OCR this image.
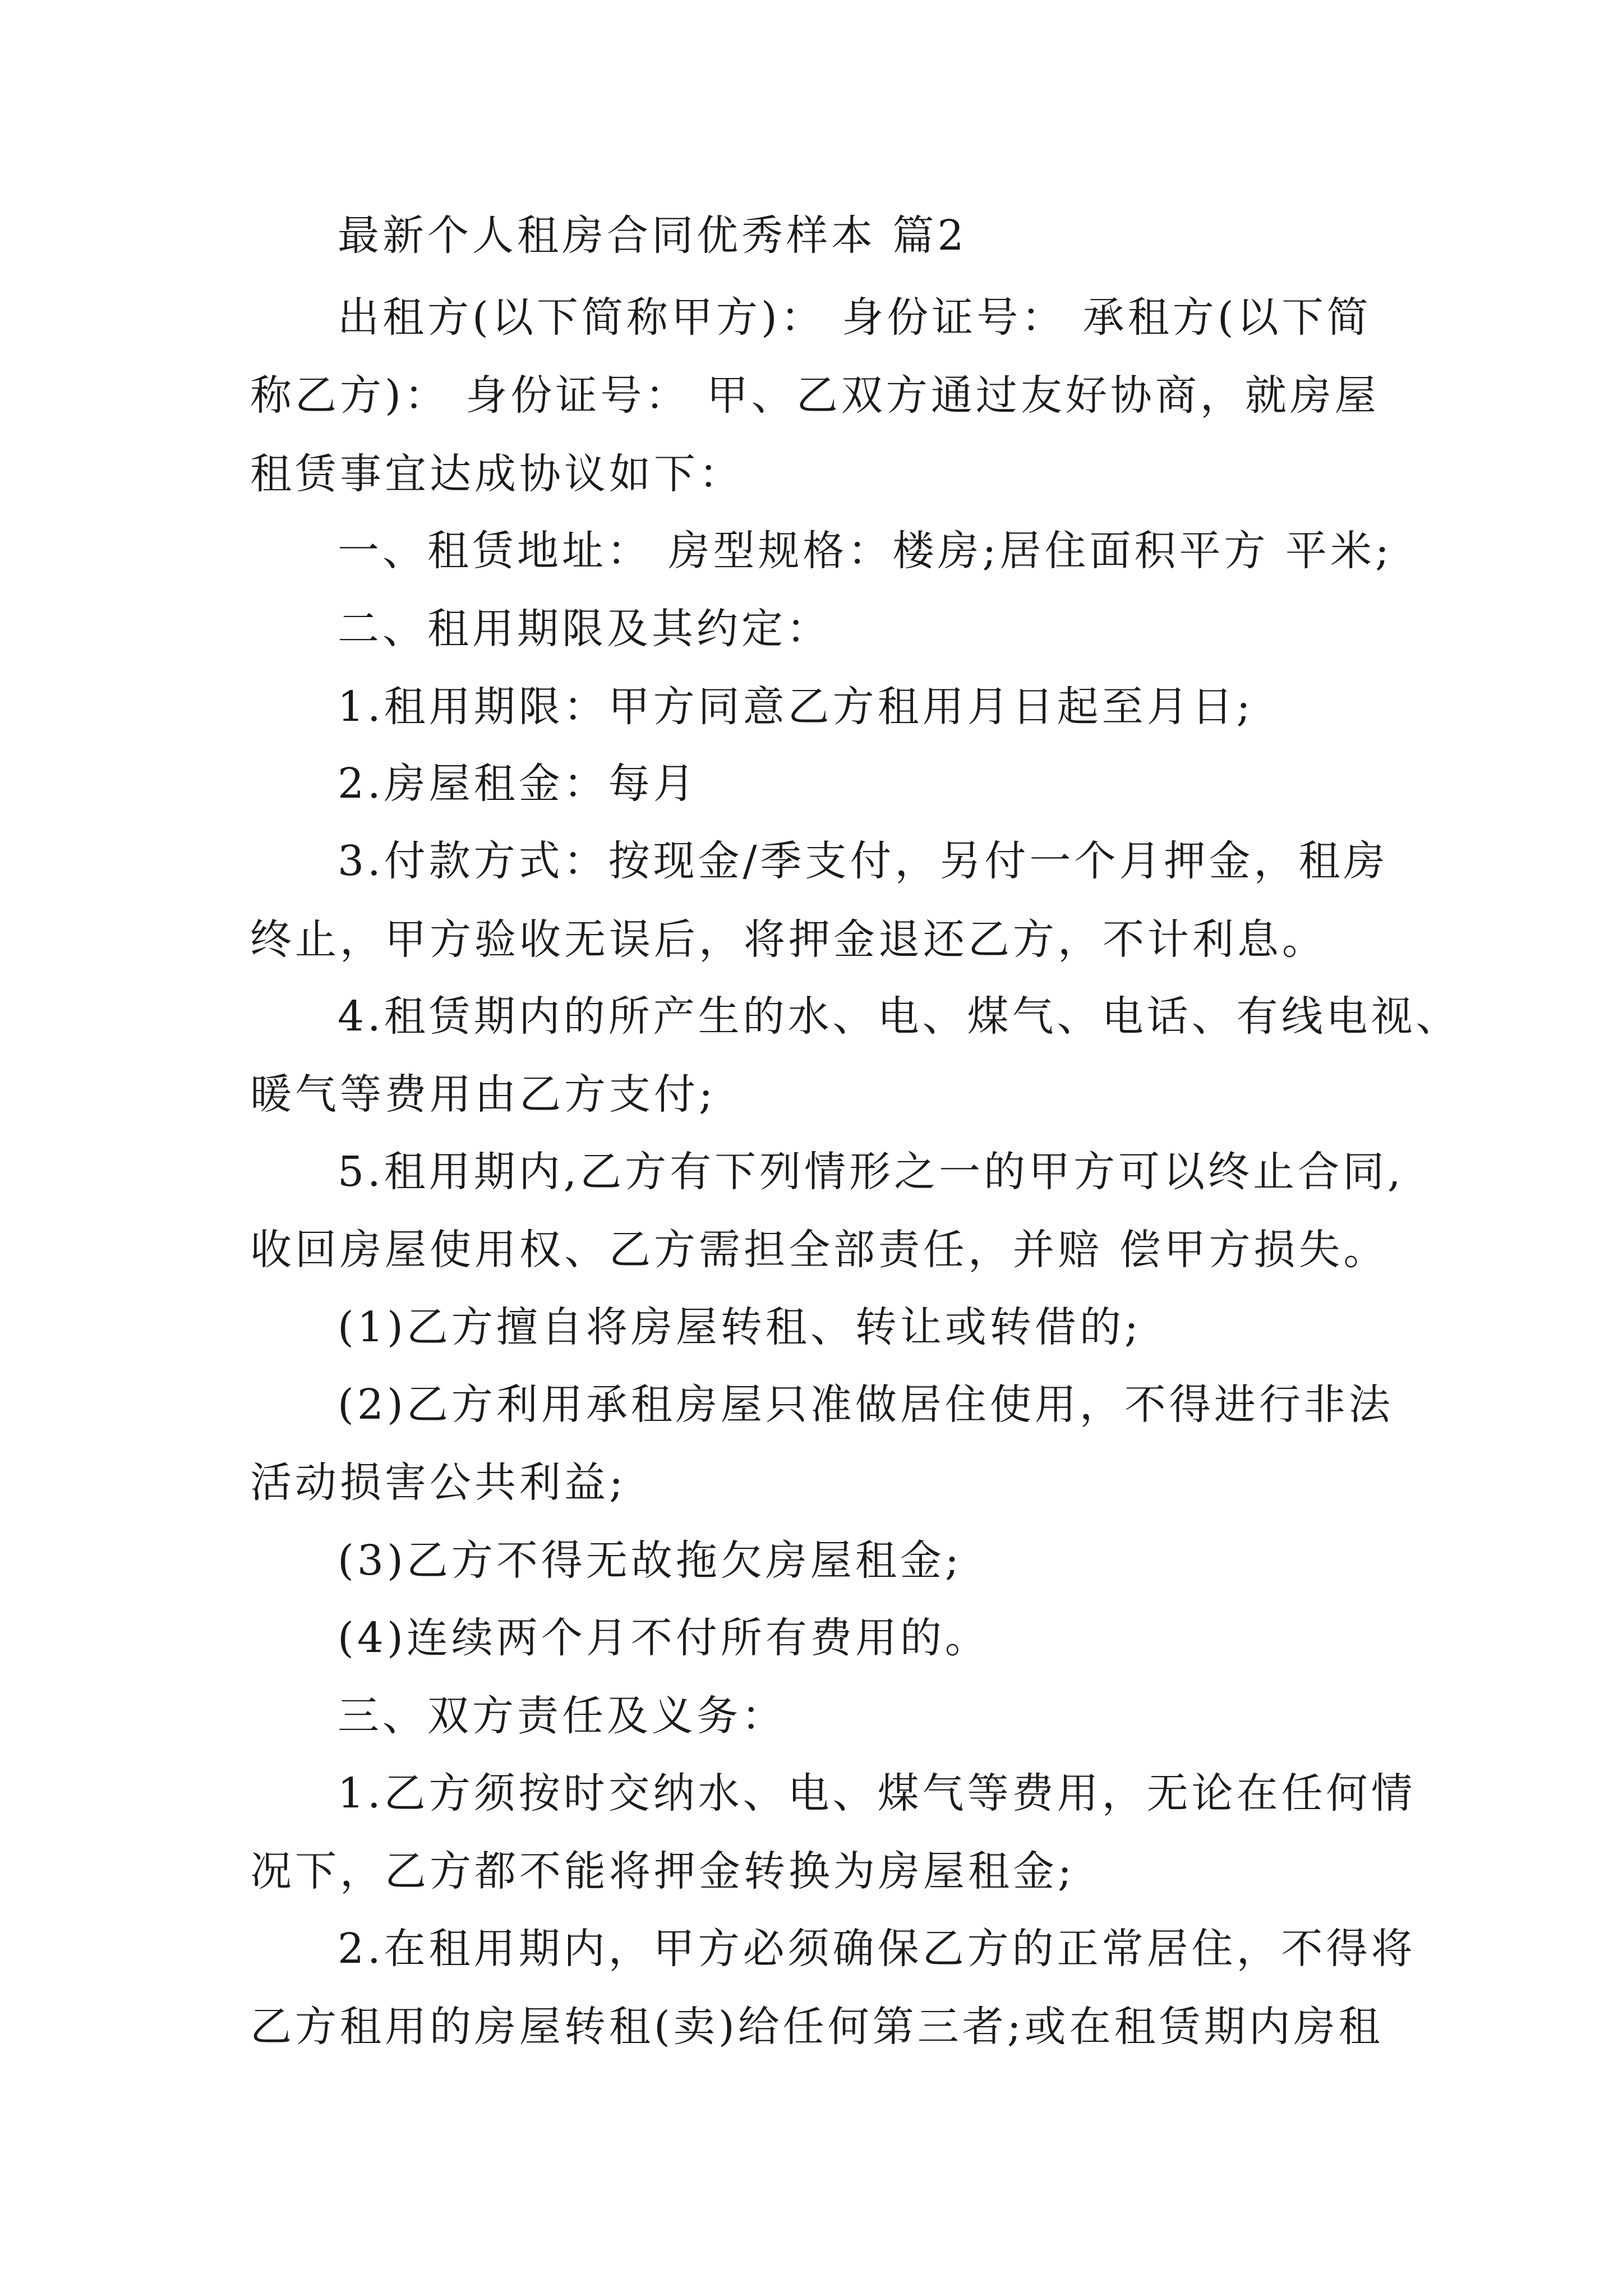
最新个人租房合同优秀样本 篇2
出租方(以下简称甲方)： 身份证号： 承租方(以下简
称乙方)： 身份证号： 甲、乙双方通过友好协商，就房屋
租赁事宜达成协议如下：
一、租赁地址： 房型规格：楼房;居住面积平方 平米;
二、租用期限及其约定：
1.租用期限：甲方同意乙方租用月日起至月日;
2.房屋租金：每月
3.付款方式：按现金/季支付，另付一个月押金，租房
终止，甲方验收无误后，将押金退还乙方，不计利息。
4.租赁期内的所产生的水、电、煤气、电话、有线电视、
暖气等费用由乙方支付;
5.租用期内,乙方有下列情形之一的甲方可以终止合同,
收回房屋使用权、乙方需担全部责任，并赔 偿甲方损失。
(1)乙方擅自将房屋转租、转让或转借的;
(2)乙方利用承租房屋只准做居住使用，不得进行非法
活动损害公共利益;
(3)乙方不得无故拖欠房屋租金;
(4)连续两个月不付所有费用的。
三、双方责任及义务：
1.乙方须按时交纳水、电、煤气等费用，无论在任何情
况下，乙方都不能将押金转换为房屋租金;
2.在租用期内，甲方必须确保乙方的正常居住，不得将
乙方租用的房屋转租(卖)给任何第三者;或在租赁期内房租
